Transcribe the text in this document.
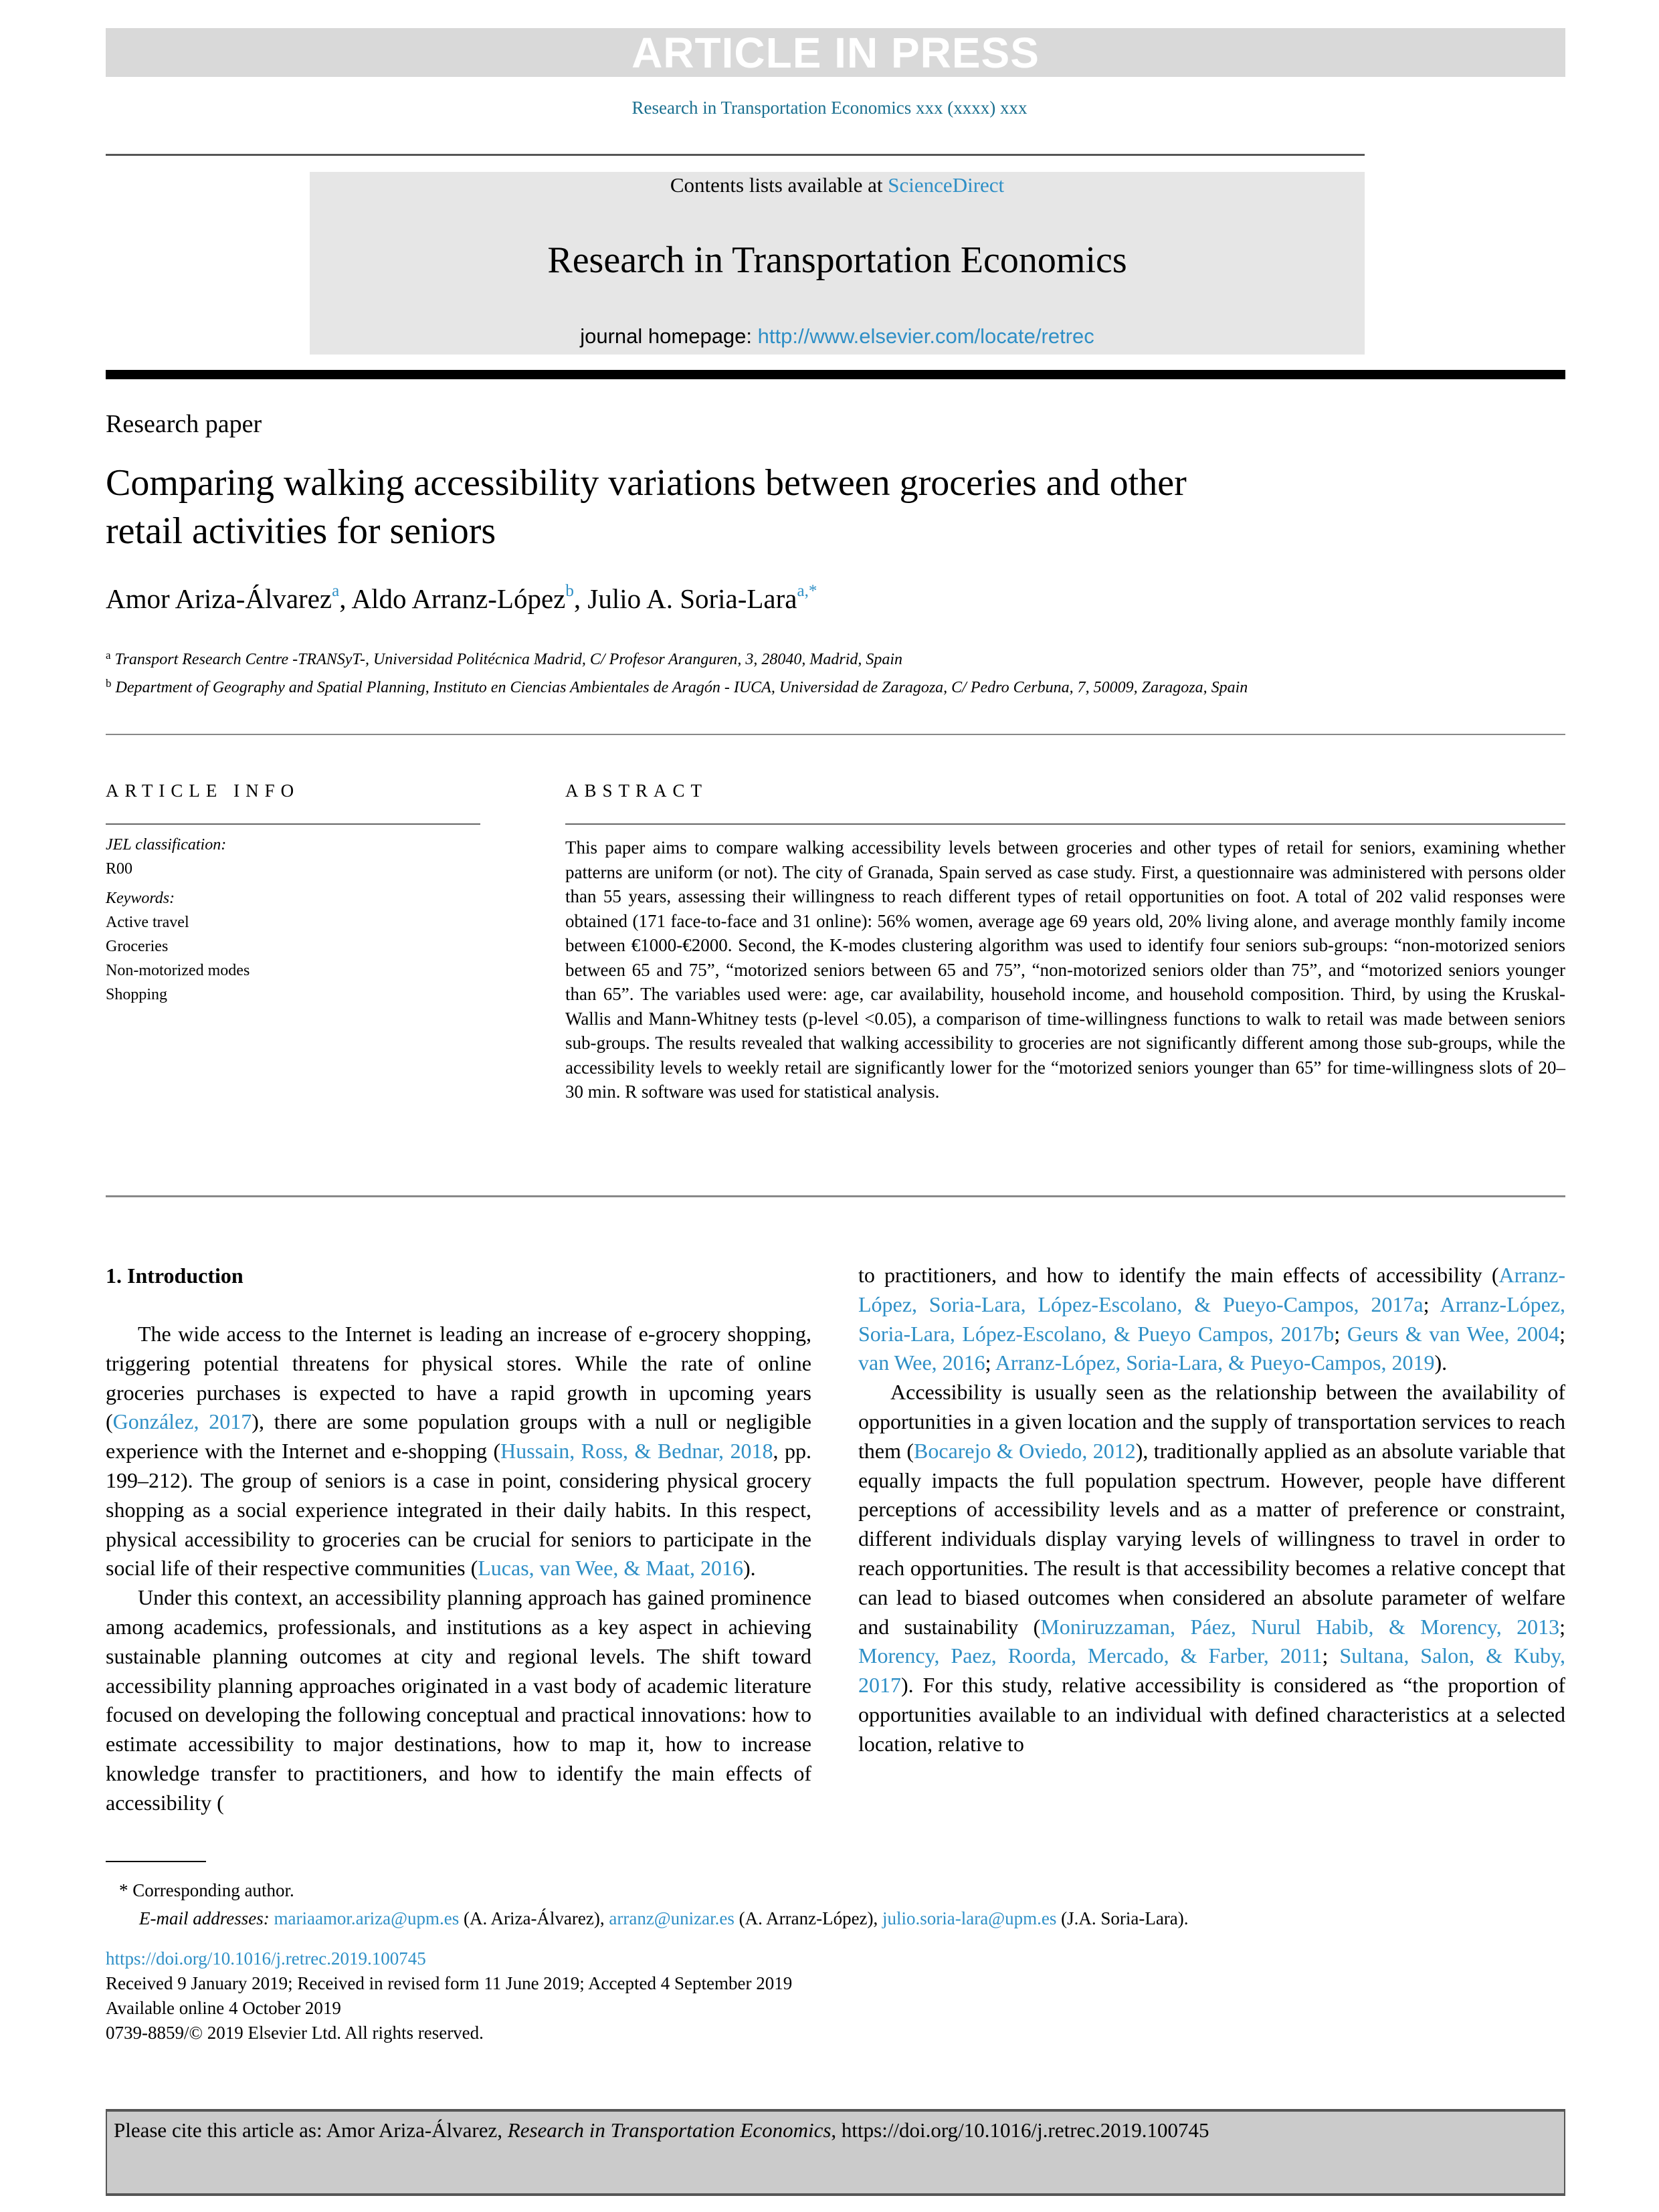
ARTICLE IN PRESS
Research in Transportation Economics xxx (xxxx) xxx
Contents lists available at ScienceDirect
Research in Transportation Economics
journal homepage: http://www.elsevier.com/locate/retrec
Research paper
Comparing walking accessibility variations between groceries and other
retail activities for seniors
Amor Ariza-Álvarez$^a$, Aldo Arranz-López$^b$, Julio A. Soria-Lara$^{a,*}$
$^a$ Transport Research Centre -TRANSyT-, Universidad Politécnica Madrid, C/ Profesor Aranguren, 3, 28040, Madrid, Spain
$^b$ Department of Geography and Spatial Planning, Instituto en Ciencias Ambientales de Aragón - IUCA, Universidad de Zaragoza, C/ Pedro Cerbuna, 7, 50009, Zaragoza, Spain
ARTICLE INFO
JEL classification:
R00
Keywords:
Active travel
Groceries
Non-motorized modes
Shopping
ABSTRACT
This paper aims to compare walking accessibility levels between groceries and other types of retail for seniors, examining whether patterns are uniform (or not). The city of Granada, Spain served as case study. First, a questionnaire was administered with persons older than 55 years, assessing their willingness to reach different types of retail opportunities on foot. A total of 202 valid responses were obtained (171 face-to-face and 31 online): 56% women, average age 69 years old, 20% living alone, and average monthly family income between €1000-€2000. Second, the K-modes clustering algorithm was used to identify four seniors sub-groups: “non-motorized seniors between 65 and 75”, “motorized seniors between 65 and 75”, “non-motorized seniors older than 75”, and “motorized seniors younger than 65”. The variables used were: age, car availability, household income, and household composition. Third, by using the Kruskal-Wallis and Mann-Whitney tests (p-level <0.05), a comparison of time-willingness functions to walk to retail was made between seniors sub-groups. The results revealed that walking accessibility to groceries are not significantly different among those sub-groups, while the accessibility levels to weekly retail are significantly lower for the “motorized seniors younger than 65” for time-willingness slots of 20–30 min. R software was used for statistical analysis.
1. Introduction

The wide access to the Internet is leading an increase of e-grocery shopping, triggering potential threatens for physical stores. While the rate of online groceries purchases is expected to have a rapid growth in upcoming years (González, 2017), there are some population groups with a null or negligible experience with the Internet and e-shopping (Hussain, Ross, & Bednar, 2018, pp. 199–212). The group of seniors is a case in point, considering physical grocery shopping as a social experience integrated in their daily habits. In this respect, physical accessibility to groceries can be crucial for seniors to participate in the social life of their respective communities (Lucas, van Wee, & Maat, 2016).

Under this context, an accessibility planning approach has gained prominence among academics, professionals, and institutions as a key aspect in achieving sustainable planning outcomes at city and regional levels. The shift toward accessibility planning approaches originated in a vast body of academic literature focused on developing the following conceptual and practical innovations: how to estimate accessibility to major destinations, how to map it, how to increase knowledge transfer to practitioners, and how to identify the main effects of accessibility (

to practitioners, and how to identify the main effects of accessibility (Arranz-López, Soria-Lara, López-Escolano, & Pueyo-Campos, 2017a; Arranz-López, Soria-Lara, López-Escolano, & Pueyo Campos, 2017b; Geurs & van Wee, 2004; van Wee, 2016; Arranz-López, Soria-Lara, & Pueyo-Campos, 2019).

Accessibility is usually seen as the relationship between the availability of opportunities in a given location and the supply of transportation services to reach them (Bocarejo & Oviedo, 2012), traditionally applied as an absolute variable that equally impacts the full population spectrum. However, people have different perceptions of accessibility levels and as a matter of preference or constraint, different individuals display varying levels of willingness to travel in order to reach opportunities. The result is that accessibility becomes a relative concept that can lead to biased outcomes when considered an absolute parameter of welfare and sustainability (Moniruzzaman, Páez, Nurul Habib, & Morency, 2013; Morency, Paez, Roorda, Mercado, & Farber, 2011; Sultana, Salon, & Kuby, 2017). For this study, relative accessibility is considered as “the proportion of opportunities available to an individual with defined characteristics at a selected location, relative to

* Corresponding author.
E-mail addresses: mariaamor.ariza@upm.es (A. Ariza-Álvarez), arranz@unizar.es (A. Arranz-López), julio.soria-lara@upm.es (J.A. Soria-Lara).
https://doi.org/10.1016/j.retrec.2019.100745
Received 9 January 2019; Received in revised form 11 June 2019; Accepted 4 September 2019
Available online 4 October 2019
0739-8859/© 2019 Elsevier Ltd. All rights reserved.
Please cite this article as: Amor Ariza-Álvarez, Research in Transportation Economics, https://doi.org/10.1016/j.retrec.2019.100745
